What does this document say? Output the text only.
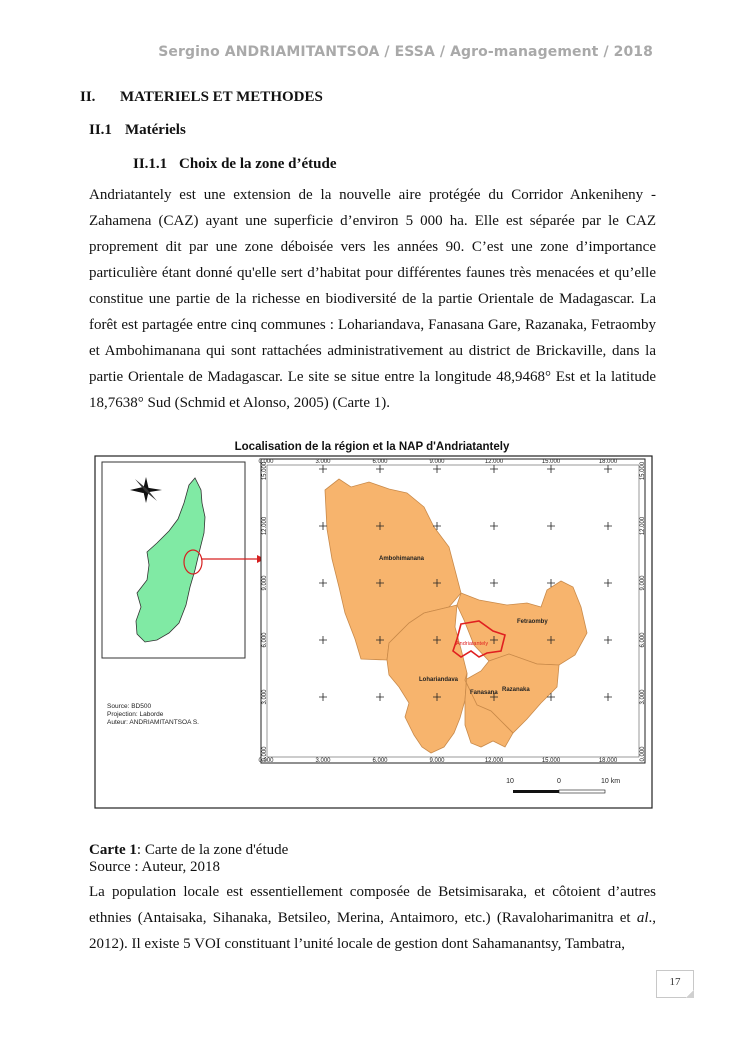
Sergino ANDRIAMITANTSOA / ESSA / Agro-management / 2018
II. MATERIELS ET METHODES
II.1 Matériels
II.1.1 Choix de la zone d’étude
Andriatantely est une extension de la nouvelle aire protégée du Corridor Ankeniheny - Zahamena (CAZ) ayant une superficie d’environ 5 000 ha. Elle est séparée par le CAZ proprement dit par une zone déboisée vers les années 90. C’est une zone d’importance particulière étant donné qu'elle sert d’habitat pour différentes faunes très menacées et qu’elle constitue une partie de la richesse en biodiversité de la partie Orientale de Madagascar. La forêt est partagée entre cinq communes : Lohariandava, Fanasana Gare, Razanaka, Fetraomby et Ambohimanana qui sont rattachées administrativement au district de Brickaville, dans la partie Orientale de Madagascar. Le site se situe entre la longitude 48,9468° Est et la latitude 18,7638° Sud (Schmid et Alonso, 2005) (Carte 1).
Localisation de la région et la NAP d'Andriatantely
Source: BD500
Projection: Laborde
Auteur: ANDRIAMITANTSOA S.
0.000	3.000	6.000	9.000	12.000	15.000	18.000
0.000	3.000	6.000	9.000	12.000	15.000	18.000
0.000
3.000
6.000
9.000
12.000
15.000
0.000
3.000
6.000
9.000
12.000
15.000
Ambohimanana
Fetraomby
Lohariandava
Fanasana Razanaka
Andriatantely
10	0	10 km
Carte 1: Carte de la zone d'étude
Source : Auteur, 2018
La population locale est essentiellement composée de Betsimisaraka, et côtoient d’autres ethnies (Antaisaka, Sihanaka, Betsileo, Merina, Antaimoro, etc.) (Ravaloharimanitra et al., 2012). Il existe 5 VOI constituant l’unité locale de gestion dont Sahamanantsy, Tambatra,
17
